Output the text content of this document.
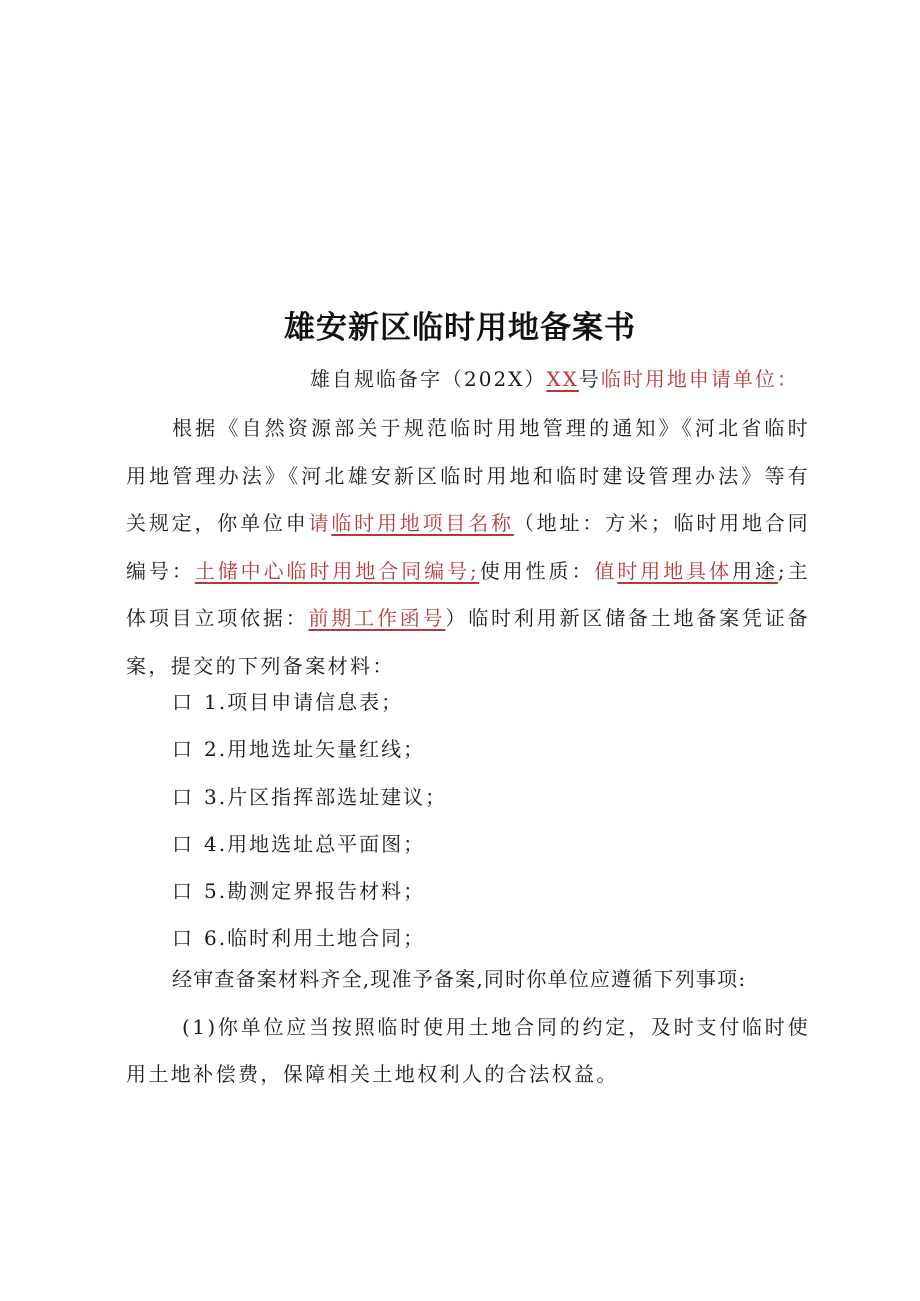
雄安新区临时用地备案书
雄自规临备字（202X）XX号临时用地申请单位：

根据《自然资源部关于规范临时用地管理的通知》《河北省临时用地管理办法》《河北雄安新区临时用地和临时建设管理办法》等有关规定，你单位申请临时用地项目名称（地址：方米；临时用地合同编号：土储中心临时用地合同编号;使用性质：值时用地具体用途;主体项目立项依据：前期工作函号）临时利用新区储备土地备案凭证备案，提交的下列备案材料：

口 1.项目申请信息表；
口 2.用地选址矢量红线；
口 3.片区指挥部选址建议；
口 4.用地选址总平面图；
口 5.勘测定界报告材料；
口 6.临时利用土地合同；

经审查备案材料齐全,现准予备案,同时你单位应遵循下列事项:

(1)你单位应当按照临时使用土地合同的约定，及时支付临时使用土地补偿费，保障相关土地权利人的合法权益。
